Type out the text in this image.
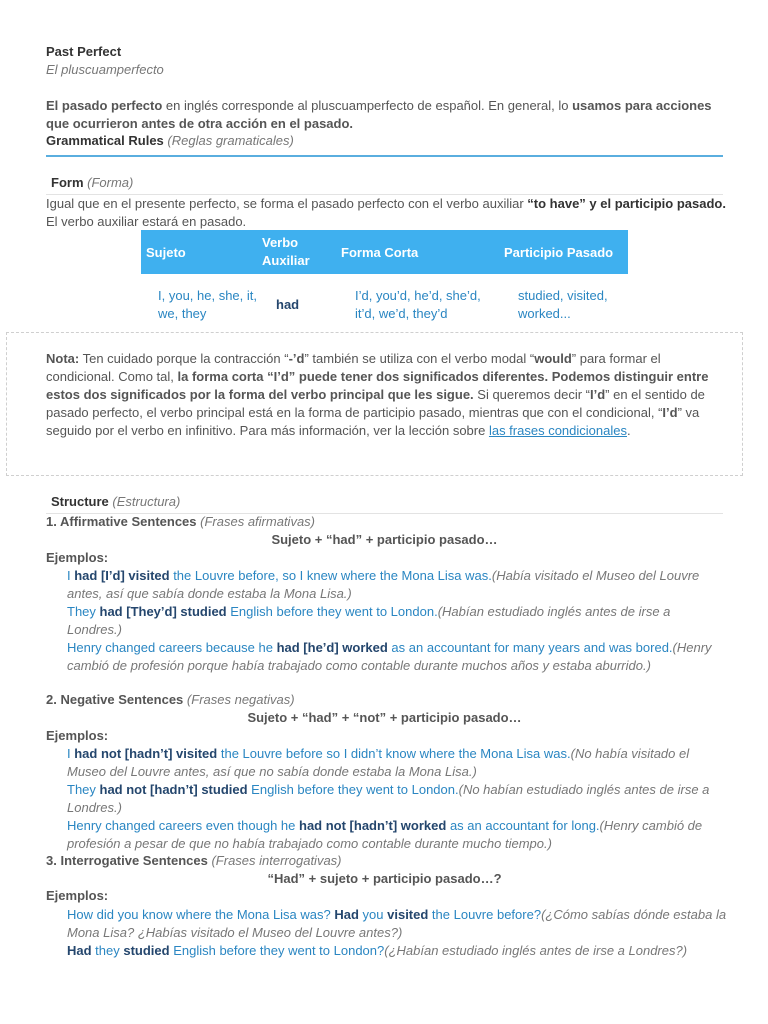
Past Perfect
El pluscuamperfecto
El pasado perfecto en inglés corresponde al pluscuamperfecto de español. En general, lo usamos para acciones que ocurrieron antes de otra acción en el pasado.
Grammatical Rules (Reglas gramaticales)
Form (Forma)
Igual que en el presente perfecto, se forma el pasado perfecto con el verbo auxiliar “to have” y el participio pasado. El verbo auxiliar estará en pasado.
Sujeto	Verbo Auxiliar	Forma Corta	Participio Pasado
I, you, he, she, it, we, they	had	I’d, you’d, he’d, she’d, it’d, we’d, they’d	studied, visited, worked...
Nota: Ten cuidado porque la contracción “-’d” también se utiliza con el verbo modal “would” para formar el condicional. Como tal, la forma corta “I’d” puede tener dos significados diferentes. Podemos distinguir entre estos dos significados por la forma del verbo principal que les sigue. Si queremos decir “I’d” en el sentido de pasado perfecto, el verbo principal está en la forma de participio pasado, mientras que con el condicional, “I’d” va seguido por el verbo en infinitivo. Para más información, ver la lección sobre las frases condicionales.
Structure (Estructura)
1. Affirmative Sentences (Frases afirmativas)
Sujeto + “had” + participio pasado…
Ejemplos:
I had [I’d] visited the Louvre before, so I knew where the Mona Lisa was.(Había visitado el Museo del Louvre antes, así que sabía donde estaba la Mona Lisa.)
They had [They’d] studied English before they went to London.(Habían estudiado inglés antes de irse a Londres.)
Henry changed careers because he had [he’d] worked as an accountant for many years and was bored.(Henry cambió de profesión porque había trabajado como contable durante muchos años y estaba aburrido.)
2. Negative Sentences (Frases negativas)
Sujeto + “had” + “not” + participio pasado…
Ejemplos:
I had not [hadn’t] visited the Louvre before so I didn’t know where the Mona Lisa was.(No había visitado el Museo del Louvre antes, así que no sabía donde estaba la Mona Lisa.)
They had not [hadn’t] studied English before they went to London.(No habían estudiado inglés antes de irse a Londres.)
Henry changed careers even though he had not [hadn’t] worked as an accountant for long.(Henry cambió de profesión a pesar de que no había trabajado como contable durante mucho tiempo.)
3. Interrogative Sentences (Frases interrogativas)
“Had” + sujeto + participio pasado…?
Ejemplos:
How did you know where the Mona Lisa was? Had you visited the Louvre before?(¿Cómo sabías dónde estaba la Mona Lisa? ¿Habías visitado el Museo del Louvre antes?)
Had they studied English before they went to London?(¿Habían estudiado inglés antes de irse a Londres?)
